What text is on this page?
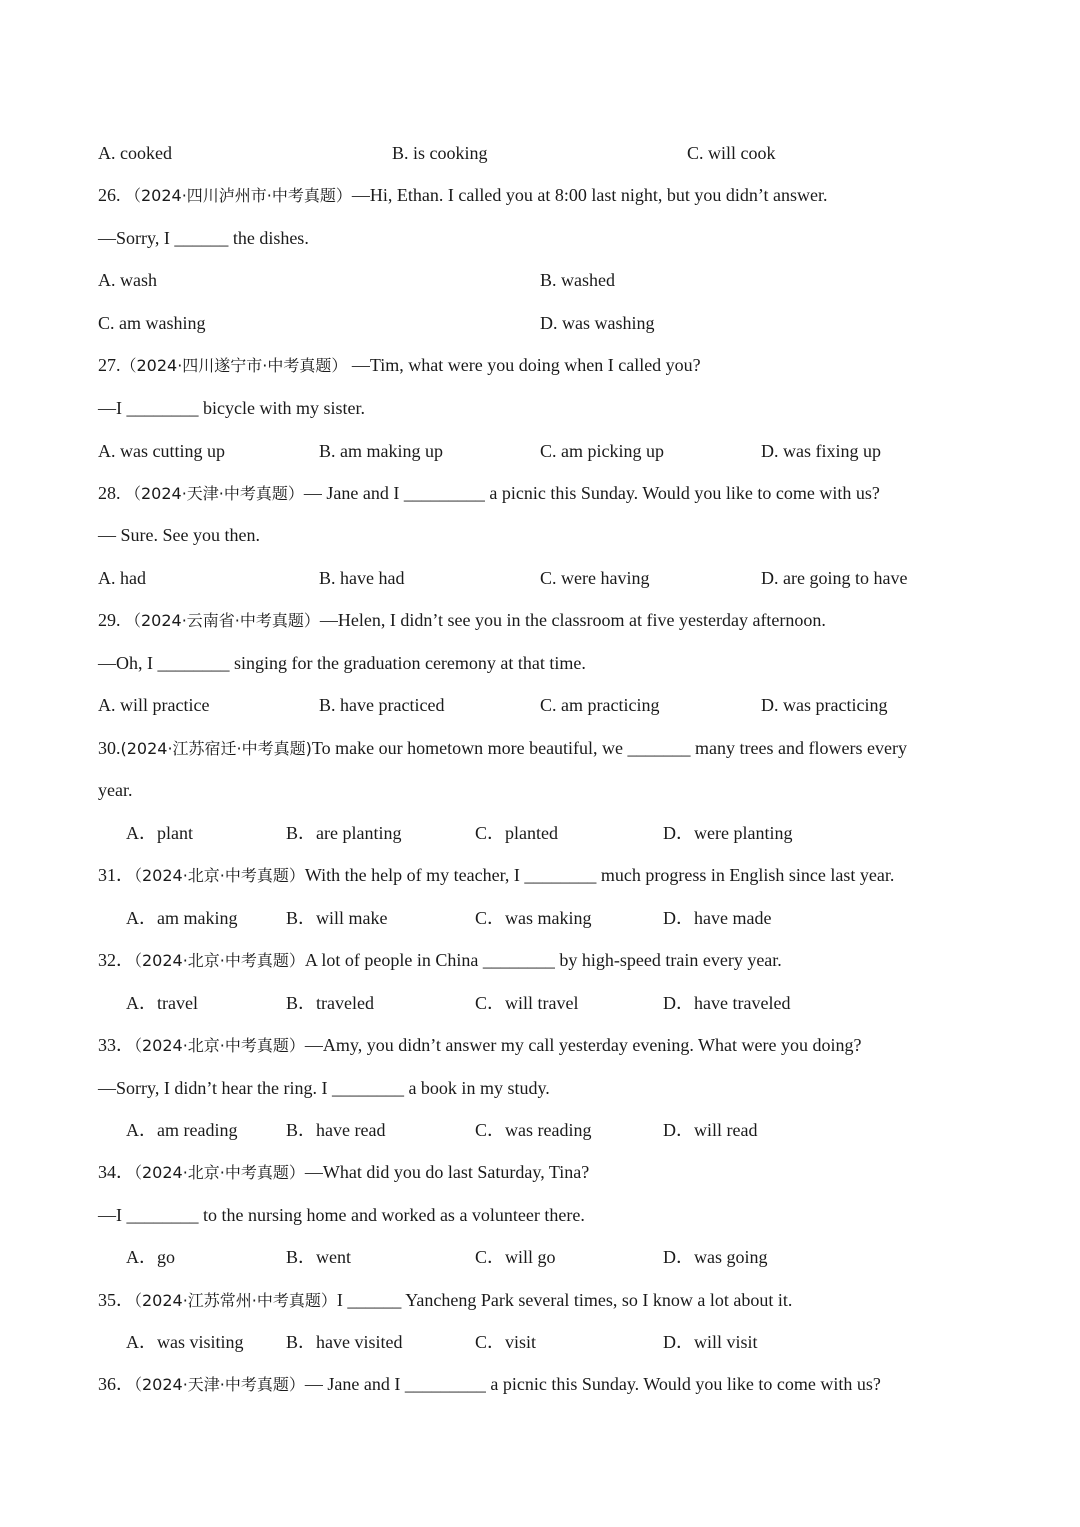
A. cooked	B. is cooking	C. will cook
26. （2024·四川泸州市·中考真题）—Hi, Ethan. I called you at 8:00 last night, but you didn’t answer.
—Sorry, I ______ the dishes.
A. wash	B. washed
C. am washing	D. was washing
27.（2024·四川遂宁市·中考真题） —Tim, what were you doing when I called you?
—I ________ bicycle with my sister.
A. was cutting up	B. am making up	C. am picking up	D. was fixing up
28. （2024·天津·中考真题）— Jane and I _________ a picnic this Sunday. Would you like to come with us?
— Sure. See you then.
A. had	B. have had	C. were having	D. are going to have
29. （2024·云南省·中考真题）—Helen, I didn’t see you in the classroom at five yesterday afternoon.
—Oh, I ________ singing for the graduation ceremony at that time.
A. will practice	B. have practiced	C. am practicing	D. was practicing
30.(2024·江苏宿迁·中考真题)To make our hometown more beautiful, we _______ many trees and flowers every
year.
A．plant	B．are planting	C．planted	D．were planting
31．（2024·北京·中考真题）With the help of my teacher, I ________ much progress in English since last year.
A．am making	B．will make	C．was making	D．have made
32．（2024·北京·中考真题）A lot of people in China ________ by high-speed train every year.
A．travel	B．traveled	C．will travel	D．have traveled
33．（2024·北京·中考真题）—Amy, you didn’t answer my call yesterday evening. What were you doing?
—Sorry, I didn’t hear the ring. I ________ a book in my study.
A．am reading	B．have read	C．was reading	D．will read
34．（2024·北京·中考真题）—What did you do last Saturday, Tina?
—I ________ to the nursing home and worked as a volunteer there.
A．go	B．went	C．will go	D．was going
35．（2024·江苏常州·中考真题）I ______ Yancheng Park several times, so I know a lot about it.
A．was visiting B．have visited	C．visit	D．will visit
36．（2024·天津·中考真题）— Jane and I _________ a picnic this Sunday. Would you like to come with us?
